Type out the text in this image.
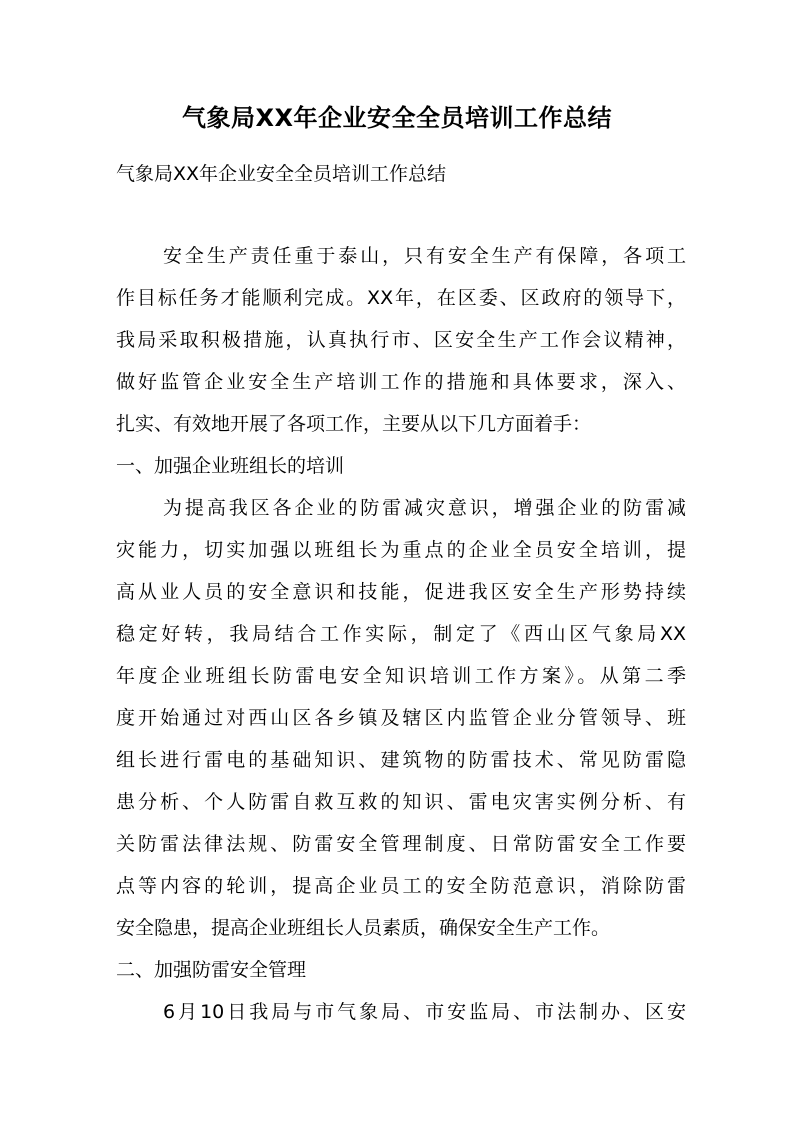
气象局XX年企业安全全员培训工作总结
气象局XX年企业安全全员培训工作总结
安全生产责任重于泰山，只有安全生产有保障，各项工
作目标任务才能顺利完成。XX年，在区委、区政府的领导下，
我局采取积极措施，认真执行市、区安全生产工作会议精神，
做好监管企业安全生产培训工作的措施和具体要求，深入、
扎实、有效地开展了各项工作，主要从以下几方面着手：
一、加强企业班组长的培训
为提高我区各企业的防雷减灾意识，增强企业的防雷减
灾能力，切实加强以班组长为重点的企业全员安全培训，提
高从业人员的安全意识和技能，促进我区安全生产形势持续
稳定好转，我局结合工作实际，制定了《西山区气象局XX
年度企业班组长防雷电安全知识培训工作方案》。从第二季
度开始通过对西山区各乡镇及辖区内监管企业分管领导、班
组长进行雷电的基础知识、建筑物的防雷技术、常见防雷隐
患分析、个人防雷自救互救的知识、雷电灾害实例分析、有
关防雷法律法规、防雷安全管理制度、日常防雷安全工作要
点等内容的轮训，提高企业员工的安全防范意识，消除防雷
安全隐患，提高企业班组长人员素质，确保安全生产工作。
二、加强防雷安全管理
6月10日我局与市气象局、市安监局、市法制办、区安
